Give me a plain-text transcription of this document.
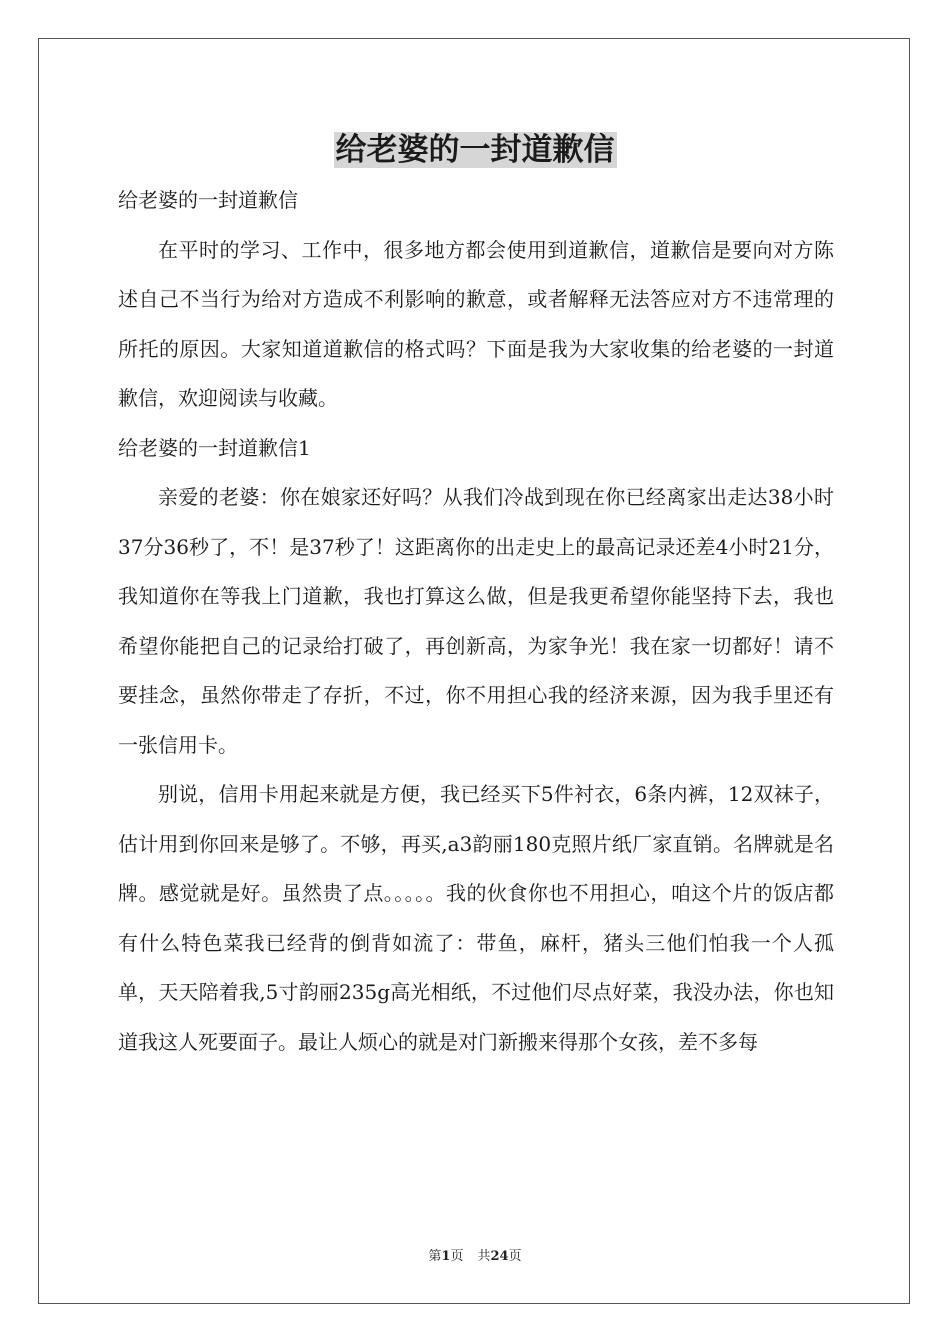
给老婆的一封道歉信

给老婆的一封道歉信

在平时的学习、工作中，很多地方都会使用到道歉信，道歉信是要向对方陈述自己不当行为给对方造成不利影响的歉意，或者解释无法答应对方不违常理的所托的原因。大家知道道歉信的格式吗？下面是我为大家收集的给老婆的一封道歉信，欢迎阅读与收藏。

给老婆的一封道歉信1

亲爱的老婆：你在娘家还好吗？从我们冷战到现在你已经离家出走达38小时37分36秒了，不！是37秒了！这距离你的出走史上的最高记录还差4小时21分，我知道你在等我上门道歉，我也打算这么做，但是我更希望你能坚持下去，我也希望你能把自己的记录给打破了，再创新高，为家争光！我在家一切都好！请不要挂念，虽然你带走了存折，不过，你不用担心我的经济来源，因为我手里还有一张信用卡。

别说，信用卡用起来就是方便，我已经买下5件衬衣，6条内裤，12双袜子，估计用到你回来是够了。不够，再买,a3韵丽180克照片纸厂家直销。名牌就是名牌。感觉就是好。虽然贵了点。。。。。我的伙食你也不用担心，咱这个片的饭店都有什么特色菜我已经背的倒背如流了：带鱼，麻杆，猪头三他们怕我一个人孤单，天天陪着我,5寸韵丽235g高光相纸，不过他们尽点好菜，我没办法，你也知道我这人死要面子。最让人烦心的就是对门新搬来得那个女孩，差不多每

第1页 共24页
